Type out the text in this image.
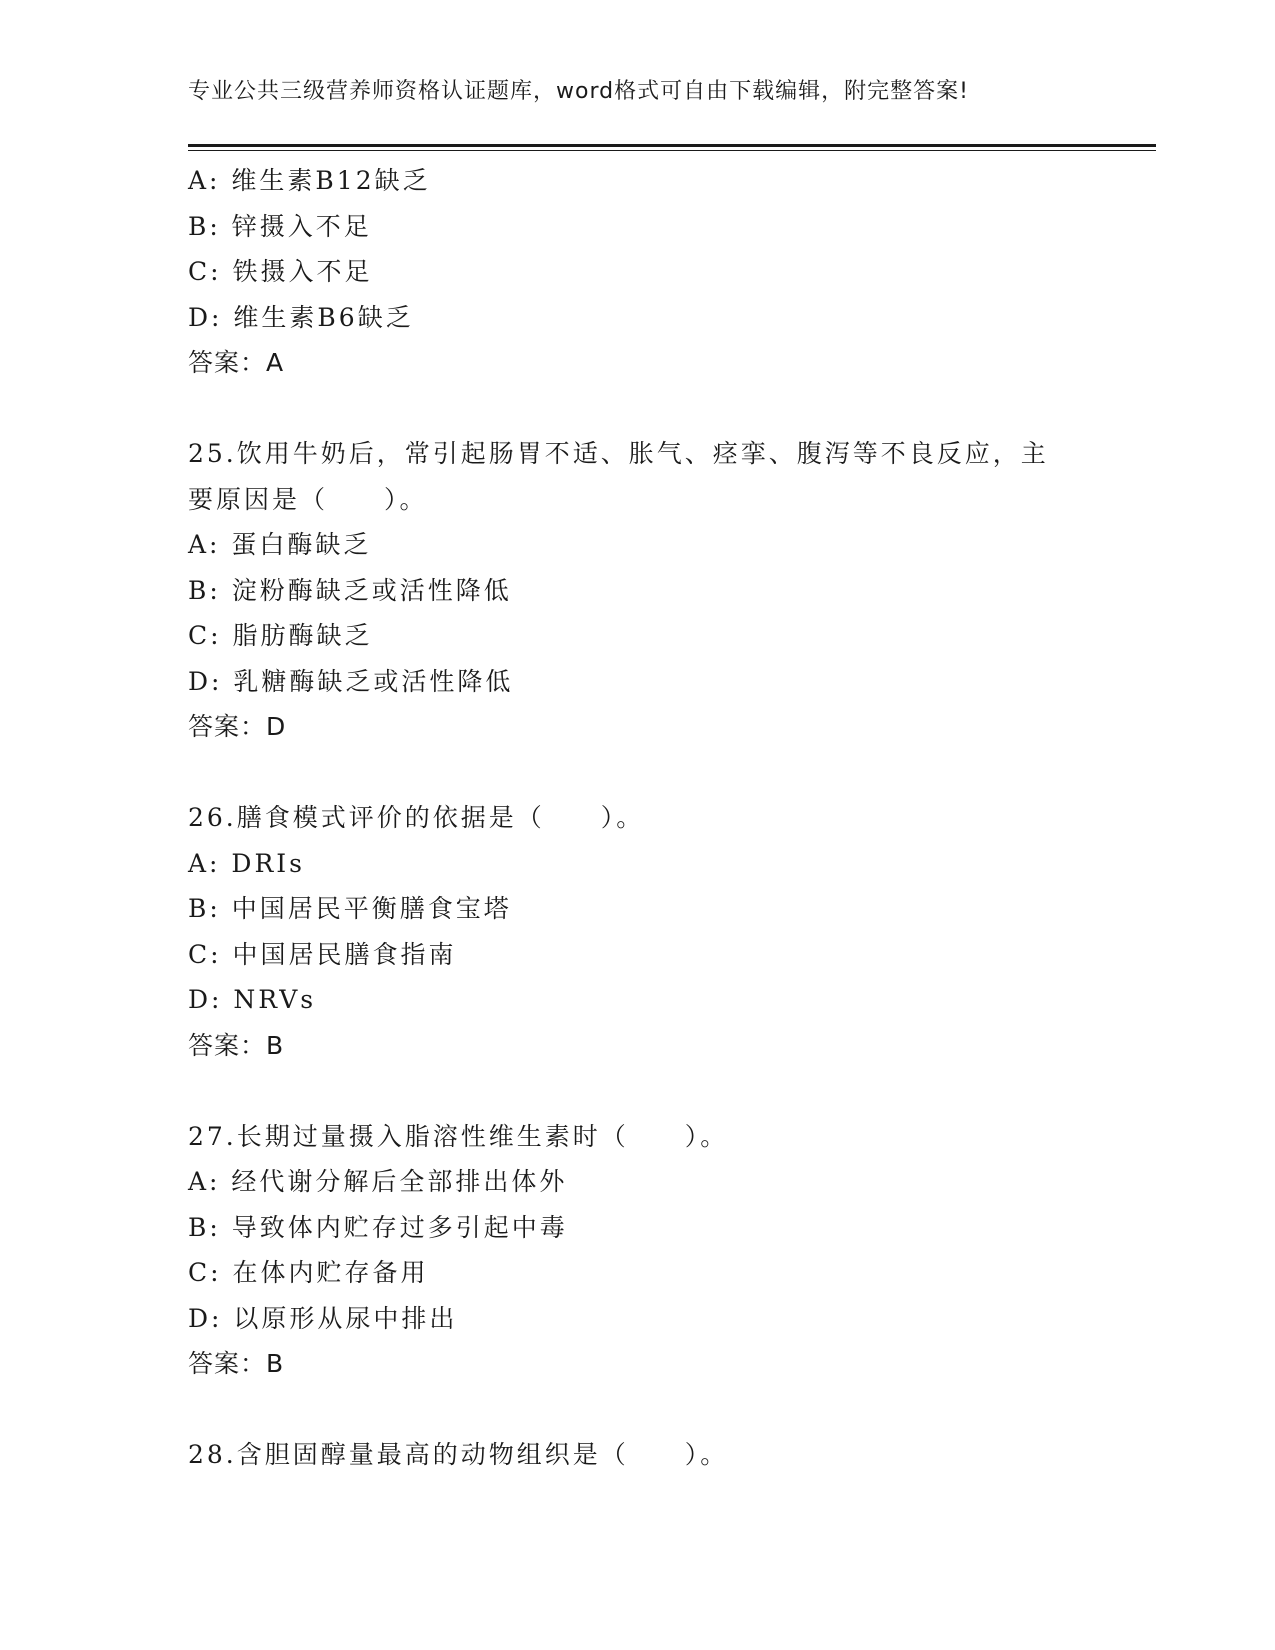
专业公共三级营养师资格认证题库，word格式可自由下载编辑，附完整答案!
A: 维生素B12缺乏
B: 锌摄入不足
C: 铁摄入不足
D: 维生素B6缺乏
答案：A
25.饮用牛奶后，常引起肠胃不适、胀气、痉挛、腹泻等不良反应，主
要原因是（　　）。
A: 蛋白酶缺乏
B: 淀粉酶缺乏或活性降低
C: 脂肪酶缺乏
D: 乳糖酶缺乏或活性降低
答案：D
26.膳食模式评价的依据是（　　）。
A: DRIs
B: 中国居民平衡膳食宝塔
C: 中国居民膳食指南
D: NRVs
答案：B
27.长期过量摄入脂溶性维生素时（　　）。
A: 经代谢分解后全部排出体外
B: 导致体内贮存过多引起中毒
C: 在体内贮存备用
D: 以原形从尿中排出
答案：B
28.含胆固醇量最高的动物组织是（　　）。
